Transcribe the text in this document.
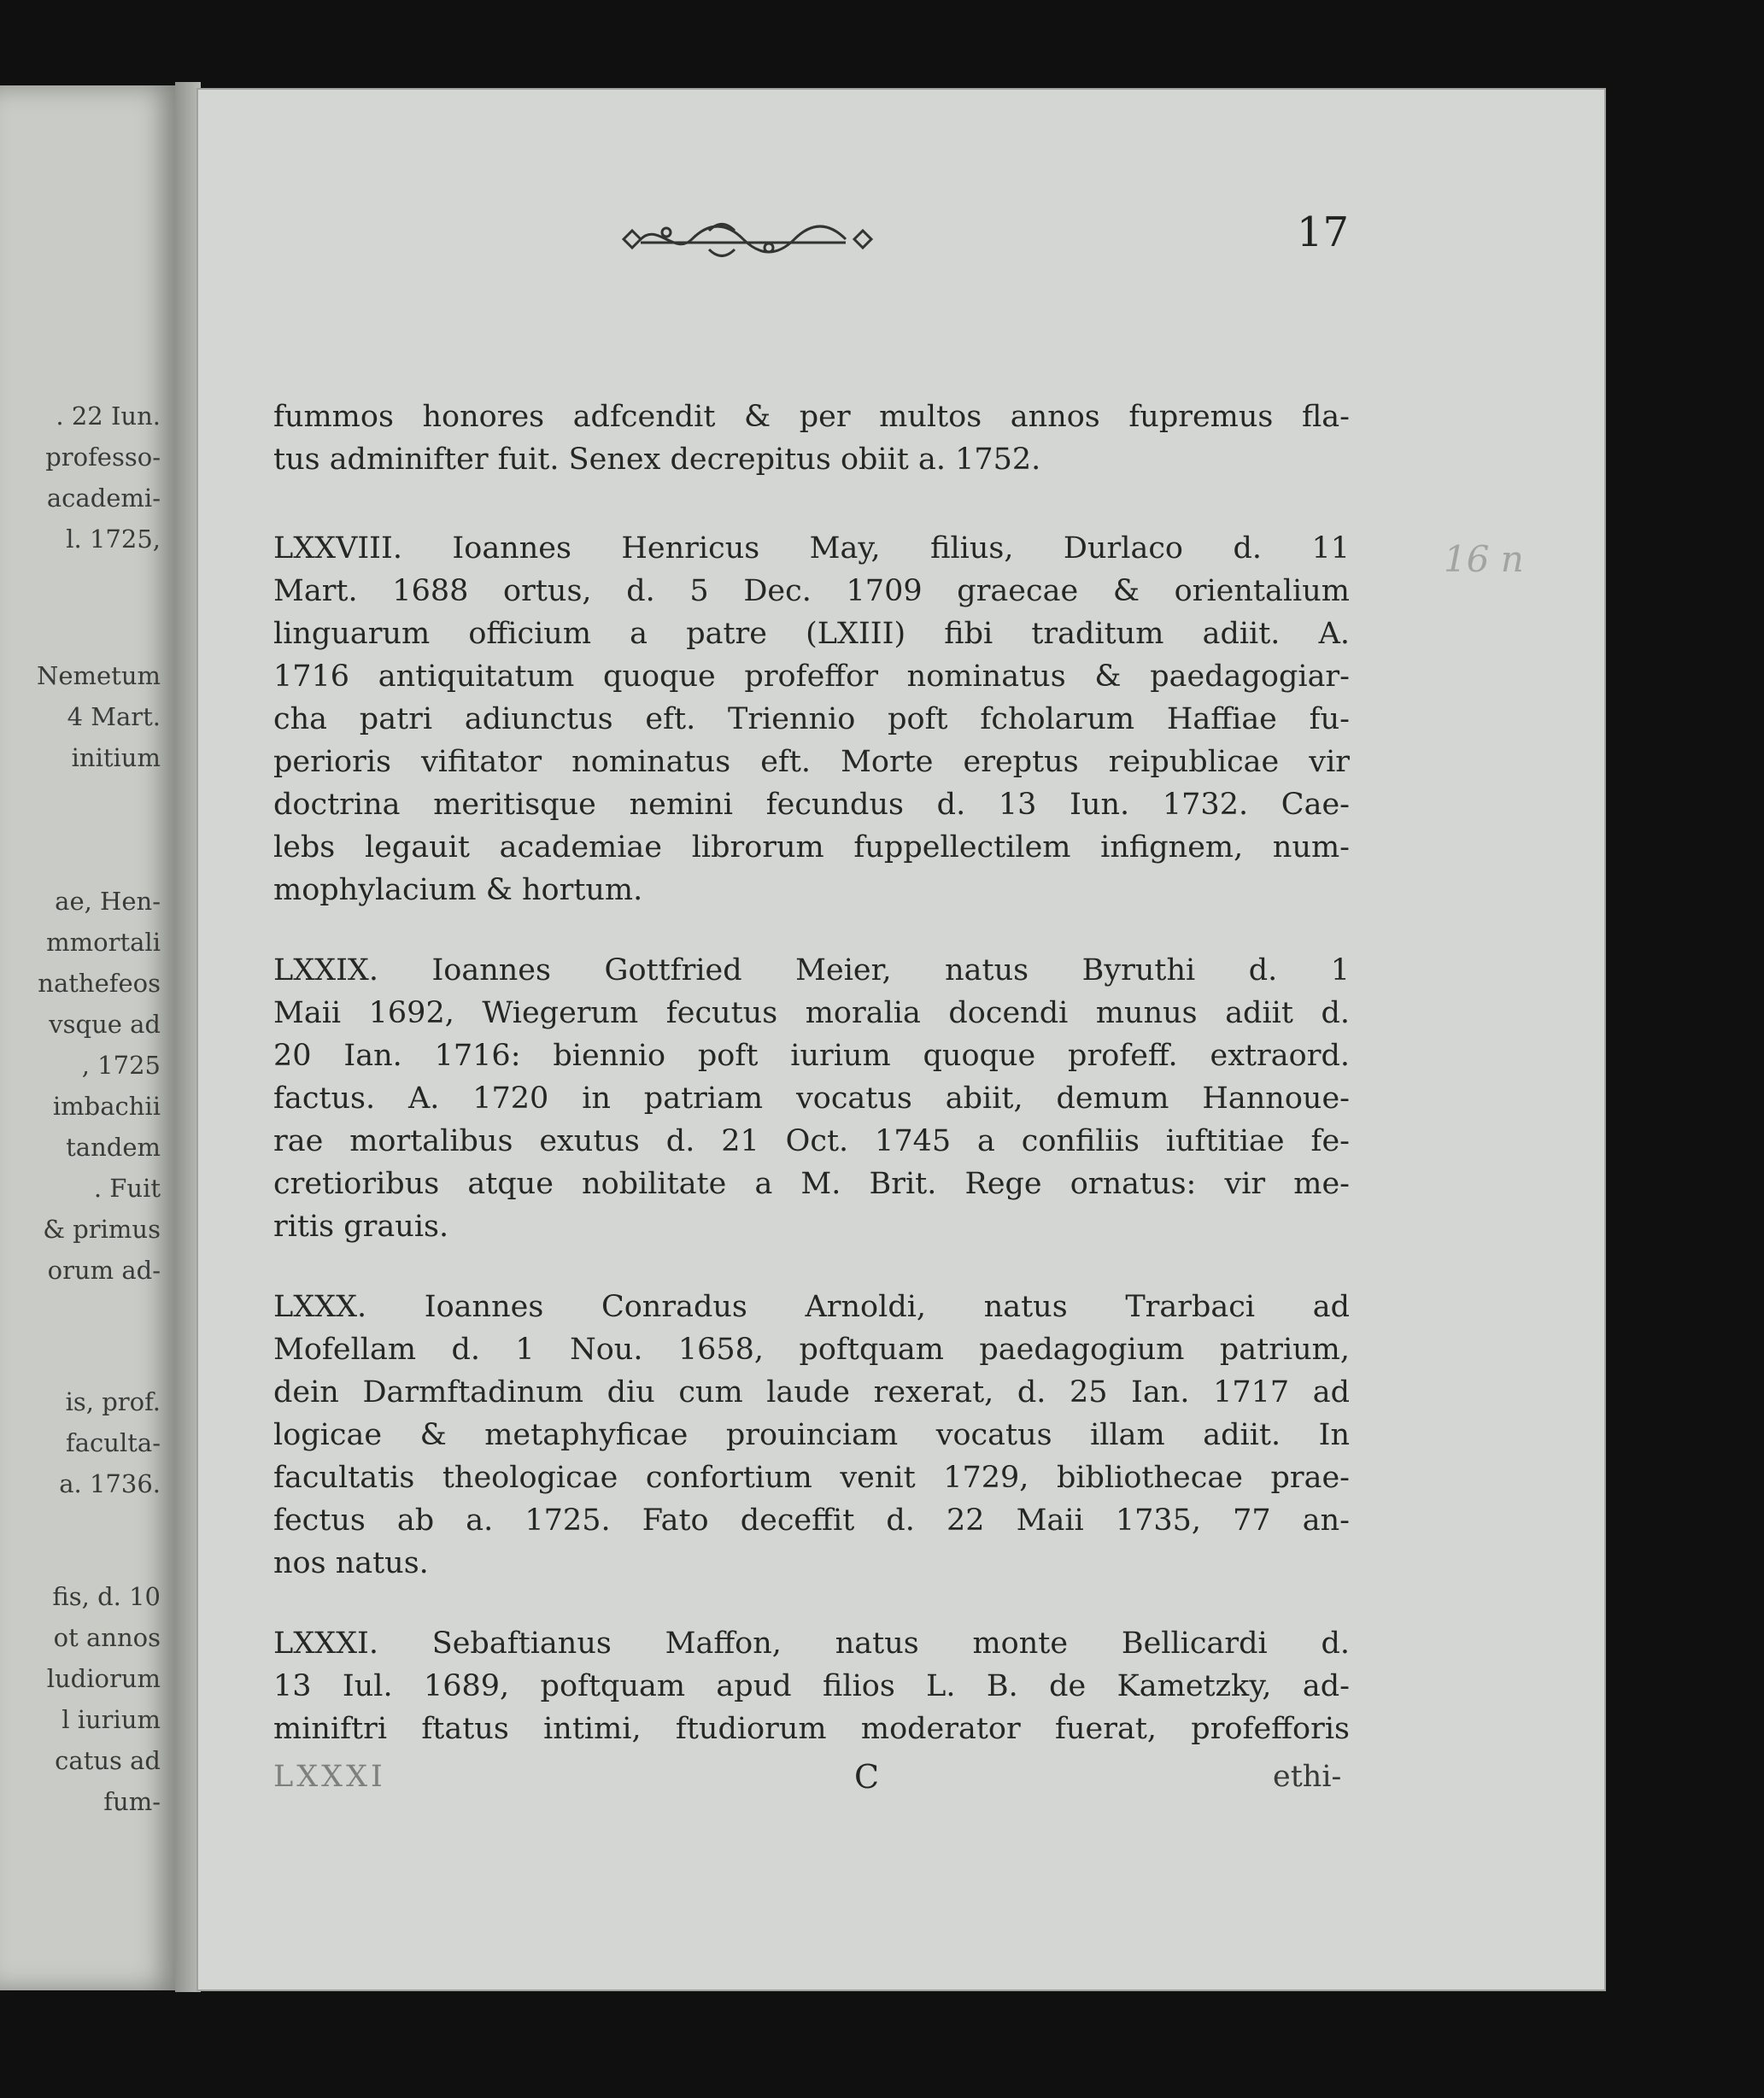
. 22 Iun.
professo-
academi-
l. 1725,
Nemetum
4 Mart.
initium
ae, Hen-
mmortali
nathefeos
vsque ad
, 1725
imbachii
tandem
. Fuit
& primus
orum ad-
is, prof.
faculta-
a. 1736.
fis, d. 10
ot annos
ludiorum
l iurium
catus ad
fum-
17
fummos honores adfcendit & per multos annos fupremus fla-
tus adminifter fuit. Senex decrepitus obiit a. 1752.
LXXVIII. Ioannes Henricus May, filius, Durlaco d. 11
Mart. 1688 ortus, d. 5 Dec. 1709 graecae & orientalium
linguarum officium a patre (LXIII) fibi traditum adiit. A.
1716 antiquitatum quoque profeffor nominatus & paedagogiar-
cha patri adiunctus eft. Triennio poft fcholarum Haffiae fu-
perioris vifitator nominatus eft. Morte ereptus reipublicae vir
doctrina meritisque nemini fecundus d. 13 Iun. 1732. Cae-
lebs legauit academiae librorum fuppellectilem infignem, num-
mophylacium & hortum.
LXXIX. Ioannes Gottfried Meier, natus Byruthi d. 1
Maii 1692, Wiegerum fecutus moralia docendi munus adiit d.
20 Ian. 1716: biennio poft iurium quoque profeff. extraord.
factus. A. 1720 in patriam vocatus abiit, demum Hannoue-
rae mortalibus exutus d. 21 Oct. 1745 a confiliis iuftitiae fe-
cretioribus atque nobilitate a M. Brit. Rege ornatus: vir me-
ritis grauis.
LXXX. Ioannes Conradus Arnoldi, natus Trarbaci ad
Mofellam d. 1 Nou. 1658, poftquam paedagogium patrium,
dein Darmftadinum diu cum laude rexerat, d. 25 Ian. 1717 ad
logicae & metaphyficae prouinciam vocatus illam adiit. In
facultatis theologicae confortium venit 1729, bibliothecae prae-
fectus ab a. 1725. Fato deceffit d. 22 Maii 1735, 77 an-
nos natus.
LXXXI. Sebaftianus Maffon, natus monte Bellicardi d.
13 Iul. 1689, poftquam apud filios L. B. de Kametzky, ad-
miniftri ftatus intimi, ftudiorum moderator fuerat, profefforis
LXXXI	C	ethi-
16 n
